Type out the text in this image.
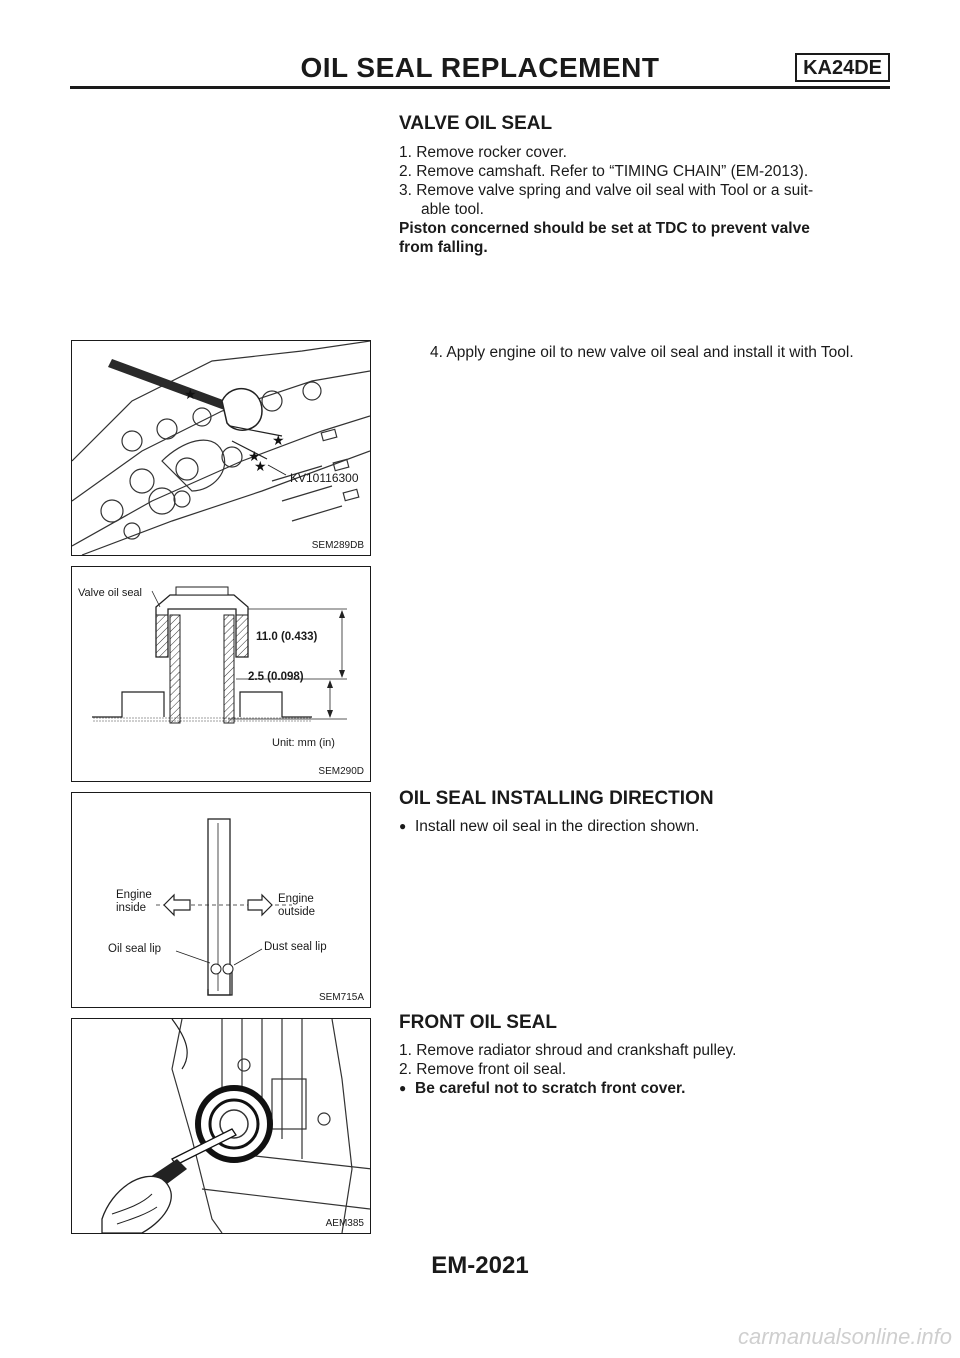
OIL SEAL REPLACEMENT	KA24DE
VALVE OIL SEAL
1. Remove rocker cover.
2. Remove camshaft. Refer to “TIMING CHAIN” (EM-2013).
3. Remove valve spring and valve oil seal with Tool or a suit-
able tool.
Piston concerned should be set at TDC to prevent valve
from falling.
4. Apply engine oil to new valve oil seal and install it with Tool.
OIL SEAL INSTALLING DIRECTION
● Install new oil seal in the direction shown.
FRONT OIL SEAL
1. Remove radiator shroud and crankshaft pulley.
2. Remove front oil seal.
● Be careful not to scratch front cover.
★
★
★
★
KV10116300
SEM289DB
Valve oil seal
11.0 (0.433)
2.5 (0.098)
Unit: mm (in)
SEM290D
Engine
inside
Engine
outside
Oil seal lip	Dust seal lip
SEM715A
AEM385
EM-2021
carmanualsonline.info
